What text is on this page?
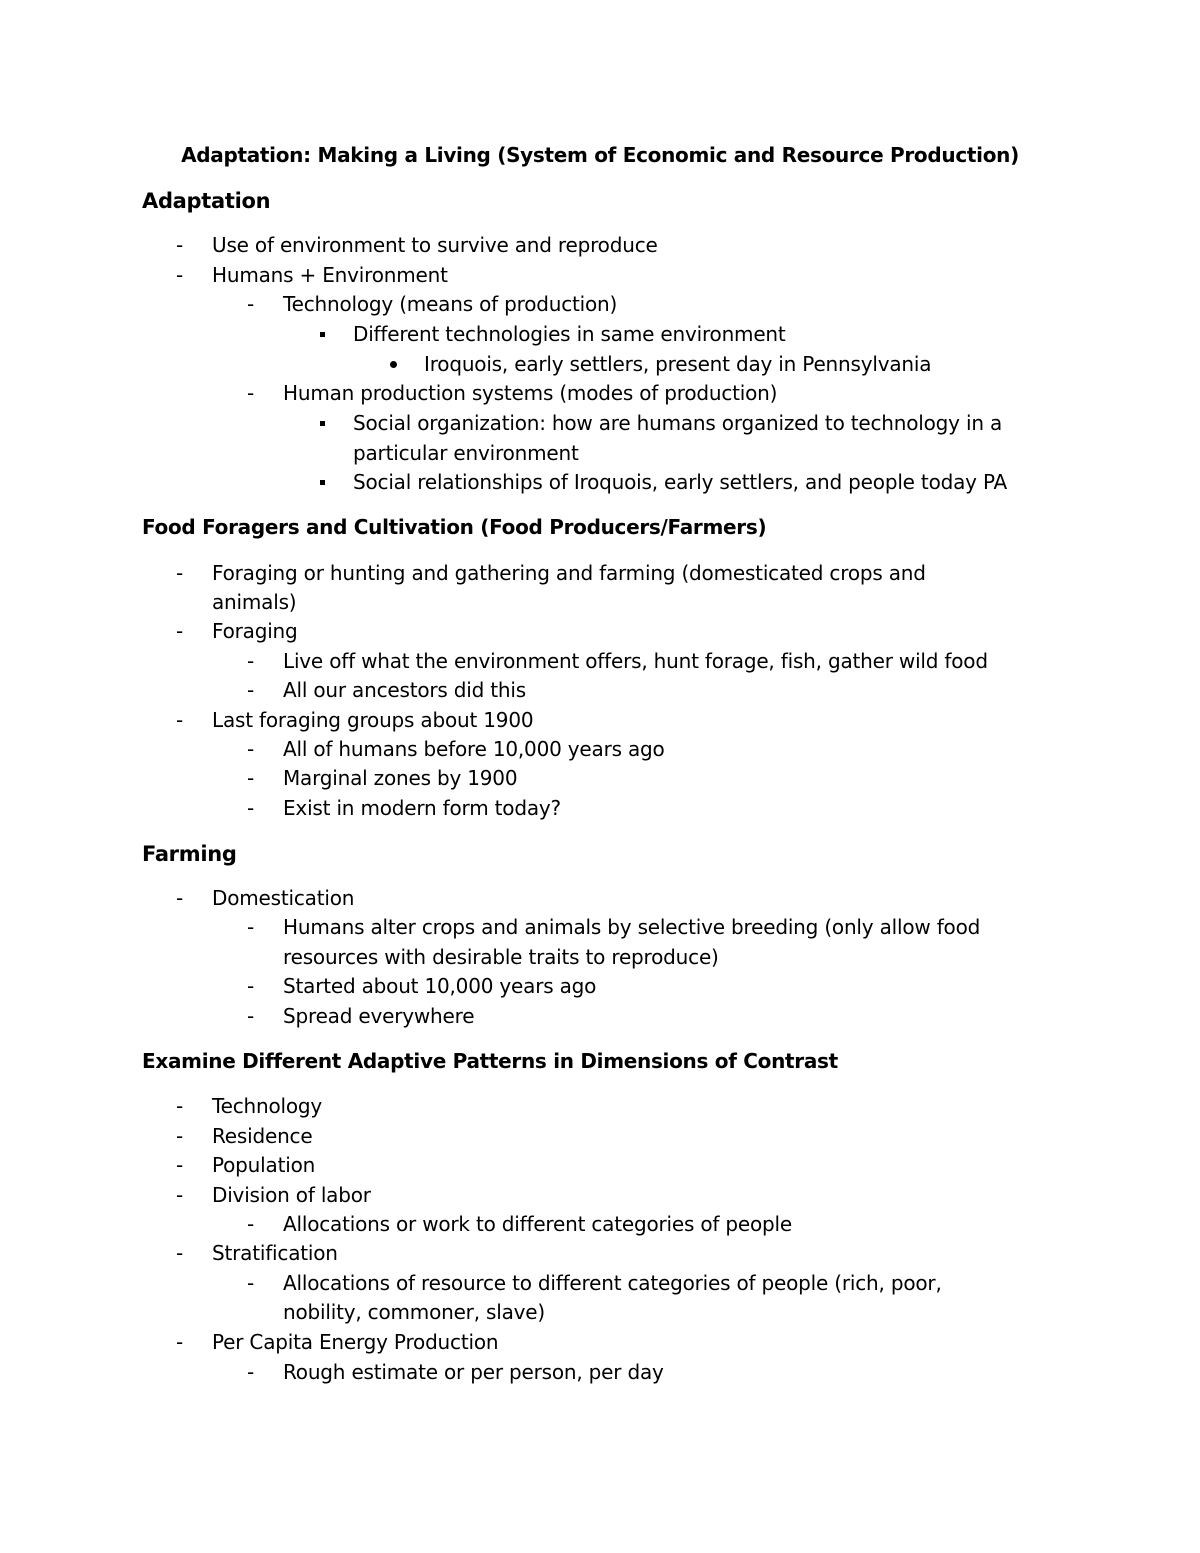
Adaptation: Making a Living (System of Economic and Resource Production)
Adaptation
-
Use of environment to survive and reproduce
-
Humans + Environment
-
Technology (means of production)
Different technologies in same environment
Iroquois, early settlers, present day in Pennsylvania
-
Human production systems (modes of production)
Social organization: how are humans organized to technology in a
particular environment
Social relationships of Iroquois, early settlers, and people today PA
Food Foragers and Cultivation (Food Producers/Farmers)
-
Foraging or hunting and gathering and farming (domesticated crops and
animals)
-
Foraging
-
Live off what the environment offers, hunt forage, fish, gather wild food
-
All our ancestors did this
-
Last foraging groups about 1900
-
All of humans before 10,000 years ago
-
Marginal zones by 1900
-
Exist in modern form today?
Farming
-
Domestication
-
Humans alter crops and animals by selective breeding (only allow food
resources with desirable traits to reproduce)
-
Started about 10,000 years ago
-
Spread everywhere
Examine Different Adaptive Patterns in Dimensions of Contrast
-
Technology
-
Residence
-
Population
-
Division of labor
-
Allocations or work to different categories of people
-
Stratification
-
Allocations of resource to different categories of people (rich, poor,
nobility, commoner, slave)
-
Per Capita Energy Production
-
Rough estimate or per person, per day
